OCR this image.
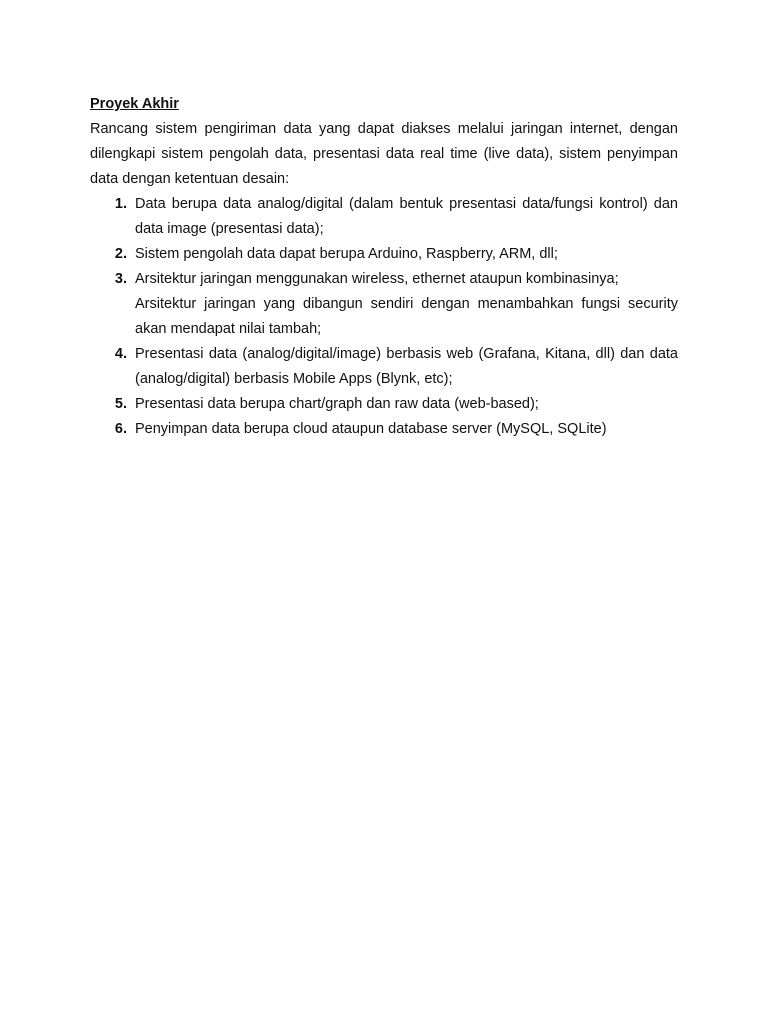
Proyek Akhir

Rancang sistem pengiriman data yang dapat diakses melalui jaringan internet, dengan dilengkapi sistem pengolah data, presentasi data real time (live data), sistem penyimpan data dengan ketentuan desain:

1. Data berupa data analog/digital (dalam bentuk presentasi data/fungsi kontrol) dan data image (presentasi data);
2. Sistem pengolah data dapat berupa Arduino, Raspberry, ARM, dll;
3. Arsitektur jaringan menggunakan wireless, ethernet ataupun kombinasinya;
Arsitektur jaringan yang dibangun sendiri dengan menambahkan fungsi security akan mendapat nilai tambah;
4. Presentasi data (analog/digital/image) berbasis web (Grafana, Kitana, dll) dan data (analog/digital) berbasis Mobile Apps (Blynk, etc);
5. Presentasi data berupa chart/graph dan raw data (web-based);
6. Penyimpan data berupa cloud ataupun database server (MySQL, SQLite)
